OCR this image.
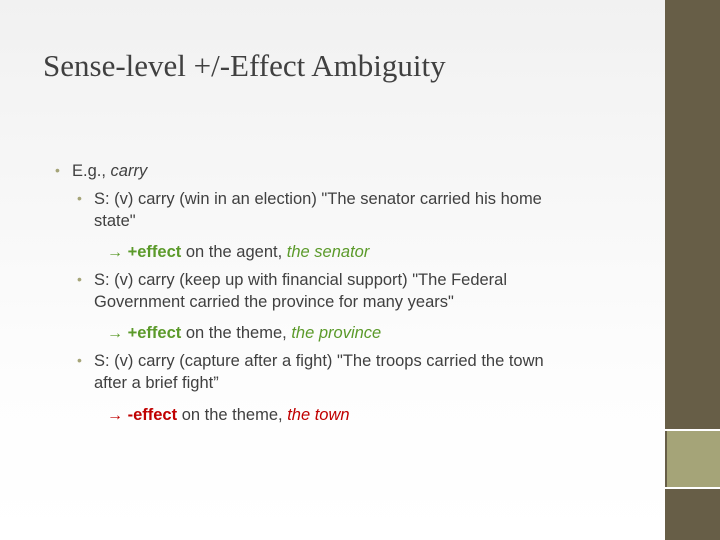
Sense-level +/-Effect Ambiguity
• E.g., carry
• S: (v) carry (win in an election) "The senator carried his home
state"
→ +effect on the agent, the senator
• S: (v) carry (keep up with financial support) "The Federal
Government carried the province for many years"
→ +effect on the theme, the province
• S: (v) carry (capture after a fight) "The troops carried the town
after a brief fight”
→ -effect on the theme, the town
